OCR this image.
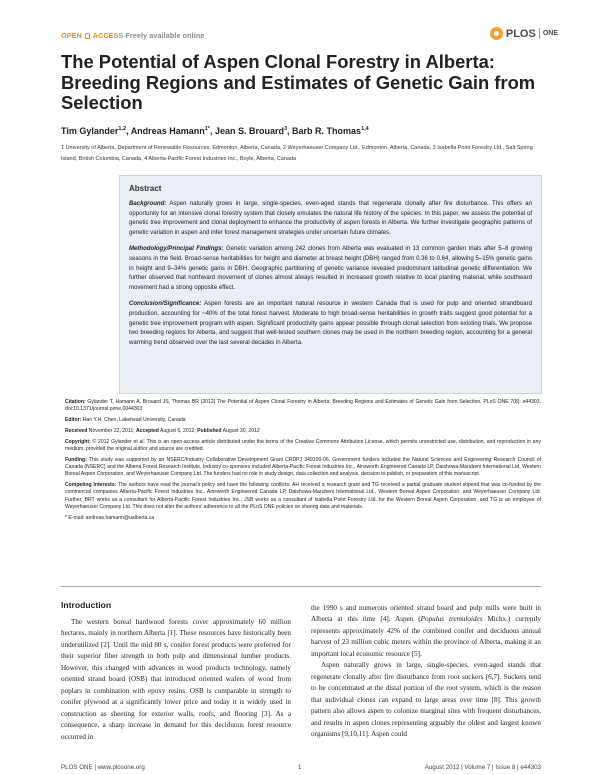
OPEN ACCESS Freely available online	PLOS ONE
The Potential of Aspen Clonal Forestry in Alberta: Breeding Regions and Estimates of Genetic Gain from Selection
Tim Gylander$^{1,2}$, Andreas Hamann$^{1*}$, Jean S. Brouard$^3$, Barb R. Thomas$^{1,4}$
1 University of Alberta, Department of Renewable Resources, Edmonton, Alberta, Canada, 2 Weyerhaeuser Company Ltd., Edmonton, Alberta, Canada, 3 Isabella Point Forestry Ltd., Salt Spring Island, British Columbia, Canada, 4 Alberta-Pacific Forest Industries Inc., Boyle, Alberta, Canada
Abstract

Background: Aspen naturally grows in large, single-species, even-aged stands that regenerate clonally after fire disturbance. This offers an opportunity for an intensive clonal forestry system that closely emulates the natural life history of the species. In this paper, we assess the potential of genetic tree improvement and clonal deployment to enhance the productivity of aspen forests in Alberta. We further investigate geographic patterns of genetic variation in aspen and infer forest management strategies under uncertain future climates.

Methodology/Principal Findings: Genetic variation among 242 clones from Alberta was evaluated in 13 common garden trials after 5–8 growing seasons in the field. Broad-sense heritabilities for height and diameter at breast height (DBH) ranged from 0.36 to 0.64, allowing 5–15% genetic gains in height and 9–34% genetic gains in DBH. Geographic partitioning of genetic variance revealed predominant latitudinal genetic differentiation. We further observed that northward movement of clones almost always resulted in increased growth relative to local planting material, while southward movement had a strong opposite effect.

Conclusion/Significance: Aspen forests are an important natural resource in western Canada that is used for pulp and oriented strandboard production, accounting for ~40% of the total forest harvest. Moderate to high broad-sense heritabilities in growth traits suggest good potential for a genetic tree improvement program with aspen. Significant productivity gains appear possible through clonal selection from existing trials. We propose two breeding regions for Alberta, and suggest that well-tested southern clones may be used in the northern breeding region, accounting for a general warming trend observed over the last several decades in Alberta.

Citation: Gylander T, Hamann A, Brouard JS, Thomas BR (2012) The Potential of Aspen Clonal Forestry in Alberta: Breeding Regions and Estimates of Genetic Gain from Selection. PLoS ONE 7(8): e44303. doi:10.1371/journal.pone.0044303

Editor: Han Y.H. Chen, Lakehead University, Canada

Received November 22, 2011; Accepted August 6, 2012; Published August 30, 2012

Copyright: © 2012 Gylander et al. This is an open-access article distributed under the terms of the Creative Commons Attribution License, which permits unrestricted use, distribution, and reproduction in any medium, provided the original author and source are credited.

Funding: This study was supported by an NSERC/Industry Collaborative Development Grant CRDPJ 349100-06. Government funders included the Natural Sciences and Engineering Research Council of Canada (NSERC) and the Alberta Forest Research Institute. Industry co-sponsors included Alberta-Pacific Forest Industries Inc., Ainsworth Engineered Canada LP, Daishowa-Marubeni International Ltd, Western Boreal Aspen Corporation, and Weyerhaeuser Company Ltd. The funders had no role in study design, data collection and analysis, decision to publish, or preparation of this manuscript.

Competing Interests: The authors have read the journal's policy and have the following conflicts: AH received a research grant and TG received a partial graduate student stipend that was co-funded by the commercial companies Alberta-Pacific Forest Industries Inc., Ainsworth Engineered Canada LP, Daishowa-Marubeni International Ltd., Western Boreal Aspen Corporation, and Weyerhaeuser Company Ltd. Further, BRT works as a consultant for Alberta-Pacific Forest Industries Inc., JSB works as a consultant of Isabella Point Forestry Ltd. for the Western Boreal Aspen Corporation, and TG is an employee of Weyerhaeuser Company Ltd. This does not alter the authors' adherence to all the PLoS ONE policies on sharing data and materials.

* E-mail: andreas.hamann@ualberta.ca

Introduction

The western boreal hardwood forests cover approximately 60 million hectares, mainly in northern Alberta [1]. These resources have historically been underutilized [2]. Until the mid 80 s, conifer forest products were preferred for their superior fiber strength in both pulp and dimensional lumber products. However, this changed with advances in wood products technology, namely oriented strand board (OSB) that introduced oriented wafers of wood from poplars in combination with epoxy resins. OSB is comparable in strength to conifer plywood at a significantly lower price and today it is widely used in construction as sheeting for exterior walls, roofs, and flooring [3]. As a consequence, a sharp increase in demand for this deciduous forest resource occurred in

the 1990 s and numerous oriented strand board and pulp mills were built in Alberta at this time [4]. Aspen (Populus tremuloides Michx.) currently represents approximately 42% of the combined conifer and deciduous annual harvest of 23 million cubic meters within the province of Alberta, making it an important local economic resource [5].

Aspen naturally grows in large, single-species, even-aged stands that regenerate clonally after fire disturbance from root suckers [6,7]. Suckers tend to be concentrated at the distal portion of the root system, which is the reason that individual clones can expand to large areas over time [8]. This growth pattern also allows aspen to colonize marginal sites with frequent disturbances, and results in aspen clones representing arguably the oldest and largest known organisms [9,10,11]. Aspen could

PLOS ONE | www.plosone.org	1	August 2012 | Volume 7 | Issue 8 | e44303
